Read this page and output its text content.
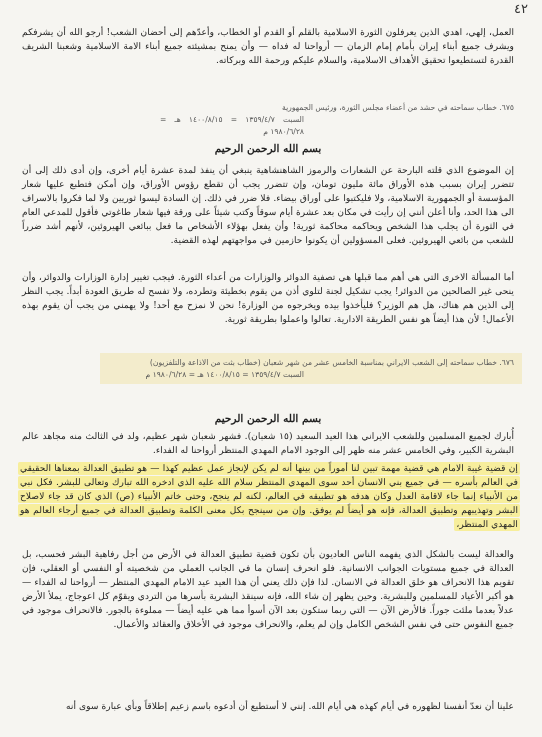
٤٢

العمل، إلهي، اهدي الذين يعرفلون الثورة الاسلامية بالقلم أو القدم أو الخطاب، وأعدّهم إلى أحضان الشعب! أرجو الله أن يشرفكم ويشرف جميع أبناء إيران بأمام إمام الزمان — أرواحنا له فداه — وأن يمنح بمشيئته جميع أبناء الامة الاسلامية وشعبنا الشريف القدرة لتستطيعوا تحقيق الأهداف الاسلامية، والسلام عليكم ورحمة الله وبركاته.

٦٧٥. خطاب سماحته في حشد من أعضاء مجلس الثورة، ورئيس الجمهورية
السبت ١٣٥٩/٤/٧ = ١٤٠٠/٨/١٥ هـ = ١٩٨٠/٦/٢٨ م
بسم الله الرحمن الرحيم

إن الموضوع الذي قلته البارحة عن الشعارات والرموز الشاهنشاهية ينبغي أن ينفذ لمدة عشرة أيام أخرى، وإن أدى ذلك إلى أن تتضرر إيران بسبب هذه الأوراق مائة مليون تومان، وإن تتضرر يجب أن تقطع رؤوس الأوراق، وإن أمكن فتطبع عليها شعار المؤسسة أو الجمهورية الاسلامية، ولا فليكتبوا على أوراق بيضاء. فلا ضرر في ذلك. إن السادة ليسوا ثوريين ولا لما فكروا بالاسراف الى هذا الحد، وأنا أعلن أنني إن رأيت في مكان بعد عشرة أيام سوقاً وكتب شيئاً على ورقة فيها شعار طاغوتي فأقول للمدعي العام في الثورة أن يجلب هذا الشخص ويحاكمه محاكمة ثورية! وأن يفعل بهؤلاء الأشخاص ما فعل ببائعي الهيروئين، لأنهم أشد ضرراً للشعب من بائعي الهيروئين. فعلى المسؤولين أن يكونوا حازمين في مواجهتهم لهذه القضية.

أما المسألة الاخرى التي هي أهم مما قبلها هي تصفية الدوائر والوزارات من أعداء الثورة. فيجب تغيير إدارة الوزارات والدوائر، وأن ينحى غير الصالحين من الدوائر! يجب تشكيل لجنة لتلوي أذن من يقوم بخطيئة وتطرده، ولا تفسح له طريق العودة أبداً. يجب النظر إلى الذين هم هناك، هل هم الوزير؟ فليأخذوا بيده ويخرجوه من الوزارة! نحن لا نمزح مع أحد! ولا يهمني من يجب أن يقوم بهذه الأعمال! لأن هذا أيضاً هو نفس الطريقة الادارية. تعالوا واعملوا بطريقة ثورية.

٦٧٦. خطاب سماحته إلى الشعب الايراني بمناسبة الخامس عشر من شهر شعبان (خطاب بثت من الاذاعة والتلفزيون)
السبت ١٣٥٩/٤/٧ = ١٤٠٠/٨/١٥ هـ = ١٩٨٠/٦/٢٨ م
بسم الله الرحمن الرحيم

أُبارك لجميع المسلمين وللشعب الايراني هذا العيد السعيد (١٥ شعبان). فشهر شعبان شهر عظيم، ولد في الثالث منه مجاهد عالم البشرية الكبير، وفي الخامس عشر منه ظهر إلى الوجود الامام المهدي المنتظر أرواحنا له الفداء.

إن قضية غيبة الامام هي قضية مهمة تبين لنا أموراً من بينها أنه لم يكن لإنجاز عمل عظيم كهذا — هو تطبيق العدالة بمعناها الحقيقي في العالم بأسره — في جميع بني الانسان أحد سوى المهدي المنتظر سلام الله عليه الذي ادخره الله تبارك وتعالى للبشر. فكل نبي من الأنبياء إنما جاء لاقامة العدل وكان هدفه هو تطبيقه في العالم، لكنه لم ينجح، وحتى خاتم الأنبياء (ص) الذي كان قد جاء لاصلاح البشر وتهذيبهم وتطبيق العدالة، فإنه هو أيضاً لم يوفق. وإن من سينجح بكل معنى الكلمة وتطبيق العدالة في جميع أرجاء العالم هو المهدي المنتظر،

والعدالة ليست بالشكل الذي يفهمه الناس العاديون بأن تكون قضية تطبيق العدالة في الأرض من أجل رفاهية البشر فحسب، بل العدالة في جميع مستويات الجوانب الانسانية. فلو انحرف إنسان ما في الجانب العملي من شخصيته أو النفسي أو العقلي، فإن تقويم هذا الانحراف هو خلق العدالة في الانسان. لذا فإن ذلك يعني أن هذا العيد عيد الامام المهدي المنتظر — أرواحنا له الفداء — هو أكبر الأعياد للمسلمين وللبشرية. وحين يظهر إن شاء الله، فإنه سينقذ البشرية بأسرها من التردي ويقوّم كل اعوجاج، يملأ الأرض عدلاً بعدما ملئت جوراً. فالأرض الآن — التي ربما ستكون بعد الآن أسوأ مما هي عليه أيضاً — مملوءة بالجور. فالانحراف موجود في جميع النفوس حتى في نفس الشخص الكامل وإن لم يعلم، والانحراف موجود في الأخلاق والعقائد والأعمال.

علينا أن نعدّ أنفسنا لظهوره في أيام كهذه هي أيام الله. إنني لا أستطيع أن أدعوه باسم زعيم إطلاقاً وبأي عبارة سوى أنه
